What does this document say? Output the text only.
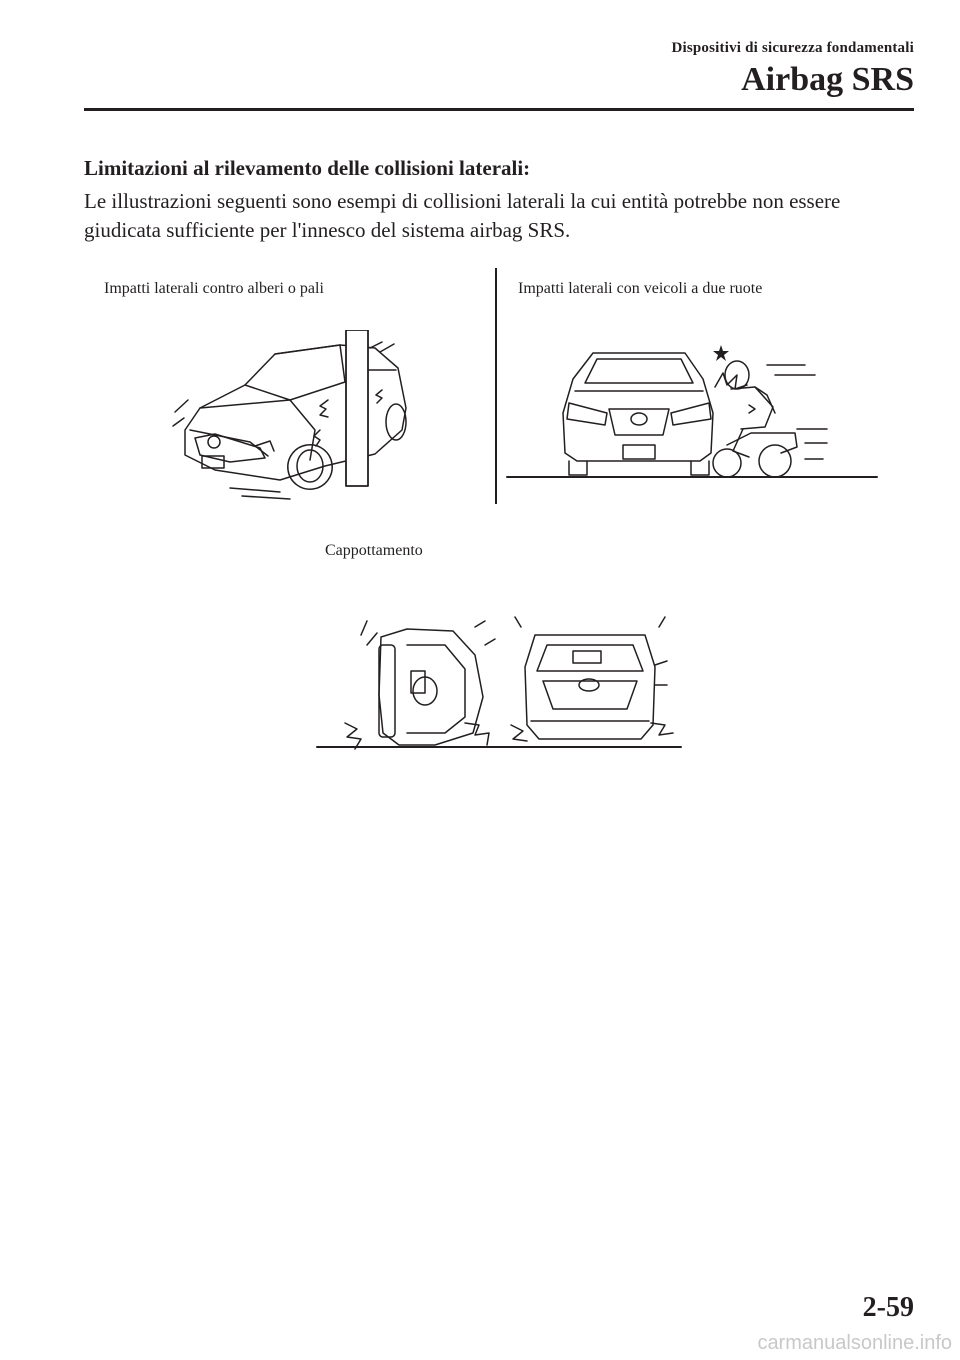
Dispositivi di sicurezza fondamentali
Airbag SRS
Limitazioni al rilevamento delle collisioni laterali:

Le illustrazioni seguenti sono esempi di collisioni laterali la cui entità potrebbe non essere giudicata sufficiente per l'innesco del sistema airbag SRS.

Impatti laterali contro alberi o pali	Impatti laterali con veicoli a due ruote
Cappottamento
2-59
carmanualsonline.info
